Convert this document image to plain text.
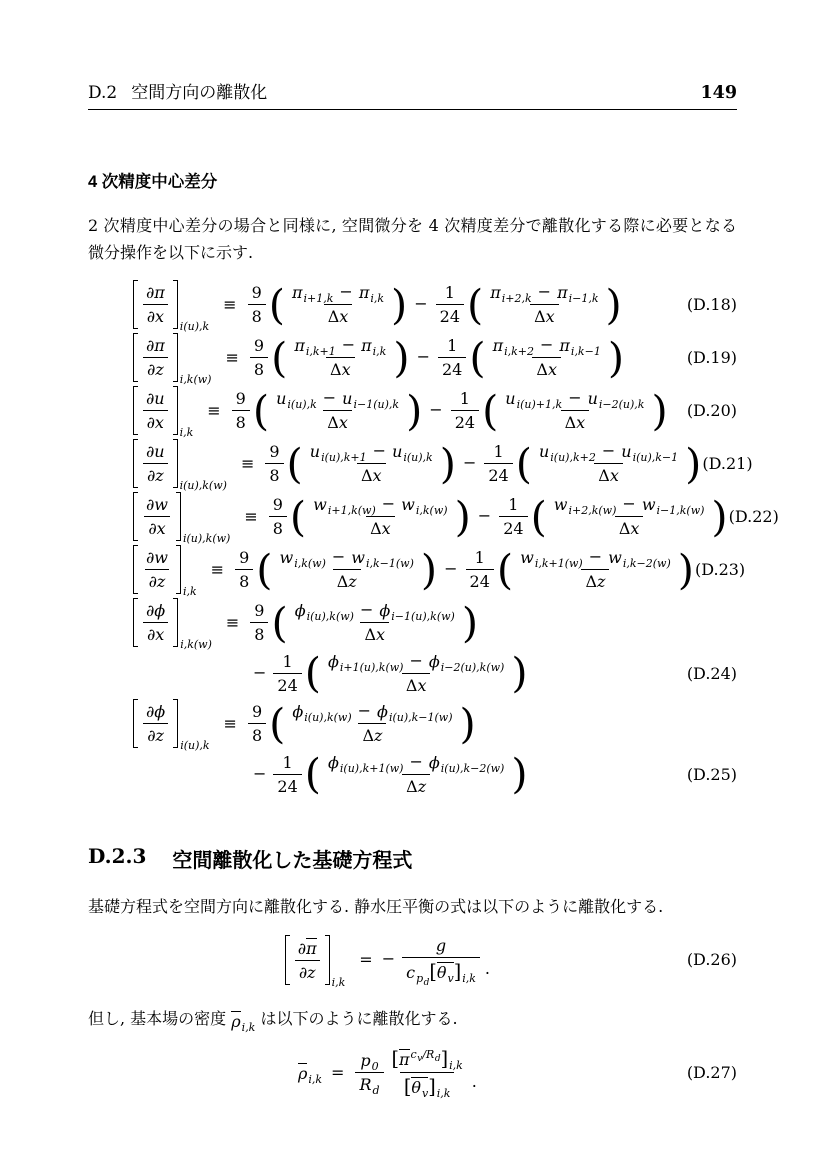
D.2 空間方向の離散化	149
4 次精度中心差分

2 次精度中心差分の場合と同様に, 空間微分を 4 次精度差分で離散化する際に必要となる微分操作を以下に示す.

$\frac{\partial\pi}{\partial x}$
i(u),k
≡ $\frac{9}{8}$ ( $\frac{\text{π i+1,k − π i,k}}{\text{Δ x}}$ ) − $\frac{1}{24}$ ( $\frac{\text{π i+2,k − π i−1,k}}{\text{Δ x}}$ )	(D.18)
$\frac{\partial\pi}{\partial z}$
i,k(w)
≡ $\frac{9}{8}$ ( $\frac{\text{π i,k+1 − π i,k}}{\text{Δ x}}$ ) − $\frac{1}{24}$ ( $\frac{\text{π i,k+2 − π i,k−1}}{\text{Δ x}}$ )	(D.19)
$\frac{\partial u}{\partial x}$
i,k
≡ $\frac{9}{8}$ ( $\frac{\text{u i(u),k − u i−1(u),k}}{\text{Δ x}}$ ) − $\frac{1}{24}$ ( $\frac{\text{u i(u)+1,k − u i−2(u),k}}{\text{Δ x}}$ ) (D.20)
$\frac{\partial u}{\partial z}$
i(u),k(w)
≡ $\frac{9}{8}$ ( $\frac{\text{u i(u),k+1 − u i(u),k}}{\text{Δ x}}$ ) − $\frac{1}{24}$ ( $\frac{\text{u i(u),k+2 − u i(u),k−1}}{\text{Δ x}}$ ) (D.21)
$\frac{\partial w}{\partial x}$
i(u),k(w)
≡ $\frac{9}{8}$ ( $\frac{\text{w i+1,k(w) − w i,k(w)}}{\text{Δ x}}$ ) − $\frac{1}{24}$ ( $\frac{\text{w i+2,k(w) − w i−1,k(w)}}{\text{Δ x}}$ ) (D.22)
$\frac{\partial w}{\partial z}$
i,k
≡ $\frac{9}{8}$ ( $\frac{\text{w i,k(w) − w i,k−1(w)}}{\text{Δ z}}$ ) − $\frac{1}{24}$ ( $\frac{\text{w i,k+1(w) − w i,k−2(w)}}{\text{Δ z}}$ ) (D.23)
$\frac{\partial\phi}{\partial x}$
i,k(w)
≡ $\frac{9}{8}$ ( $\frac{\text{ϕ i(u),k(w) − ϕ i−1(u),k(w)}}{\text{Δ x}}$ )
− $\frac{1}{24}$ ( $\frac{\text{ϕ i+1(u),k(w) − ϕ i−2(u),k(w)}}{\text{Δ x}}$ )	(D.24)
$\frac{\partial\phi}{\partial z}$
i(u),k
≡ $\frac{9}{8}$ ( $\frac{\text{ϕ i(u),k(w) − ϕ i(u),k−1(w)}}{\text{Δ z}}$ )
− $\frac{1}{24}$ ( $\frac{\text{ϕ i(u),k+1(w) − ϕ i(u),k−2(w)}}{\text{Δ z}}$ )	(D.25)
D.2.3 空間離散化した基礎方程式

基礎方程式を空間方向に離散化する. 静水圧平衡の式は以下のように離散化する.

$\frac{\partial \pi}{\partial z}$
i,k
= − $\frac{g}{c p_d [ \theta v ] i,k}$ .	(D.26)

但し, 基本場の密度 ρ i,k は以下のように離散化する.

ρ $i,k = \frac{p 0}{\text{R d}} \frac{\text{[ π c v / R d ] i,k}}{\text{[ θ v ] i,k}}$ .	(D.27)
